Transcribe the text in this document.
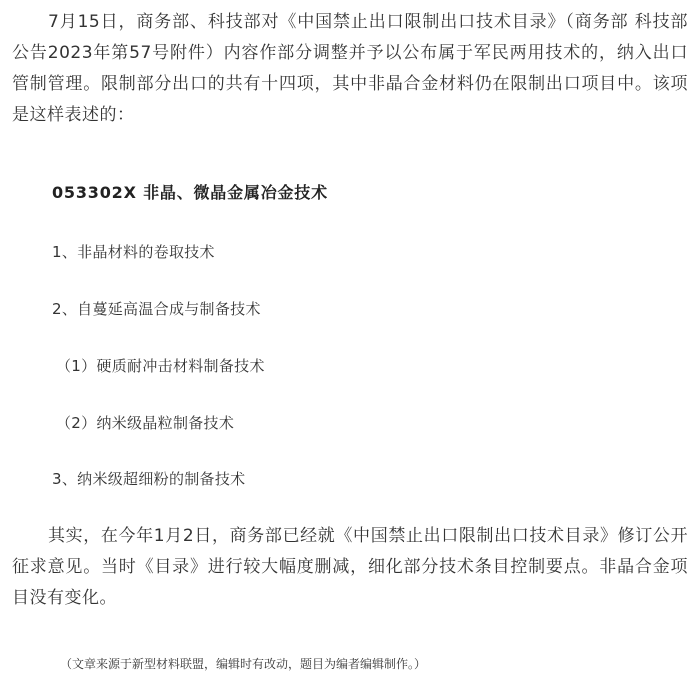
7月15日，商务部、科技部对《中国禁止出口限制出口技术目录》（商务部 科技部公告2023年第57号附件）内容作部分调整并予以公布属于军民两用技术的，纳入出口管制管理。限制部分出口的共有十四项，其中非晶合金材料仍在限制出口项目中。该项是这样表述的：

053302X 非晶、微晶金属冶金技术

1、非晶材料的卷取技术

2、自蔓延高温合成与制备技术

（1）硬质耐冲击材料制备技术

（2）纳米级晶粒制备技术

3、纳米级超细粉的制备技术

其实，在今年1月2日，商务部已经就《中国禁止出口限制出口技术目录》修订公开征求意见。当时《目录》进行较大幅度删减，细化部分技术条目控制要点。非晶合金项目没有变化。

（文章来源于新型材料联盟，编辑时有改动，题目为编者编辑制作。）
